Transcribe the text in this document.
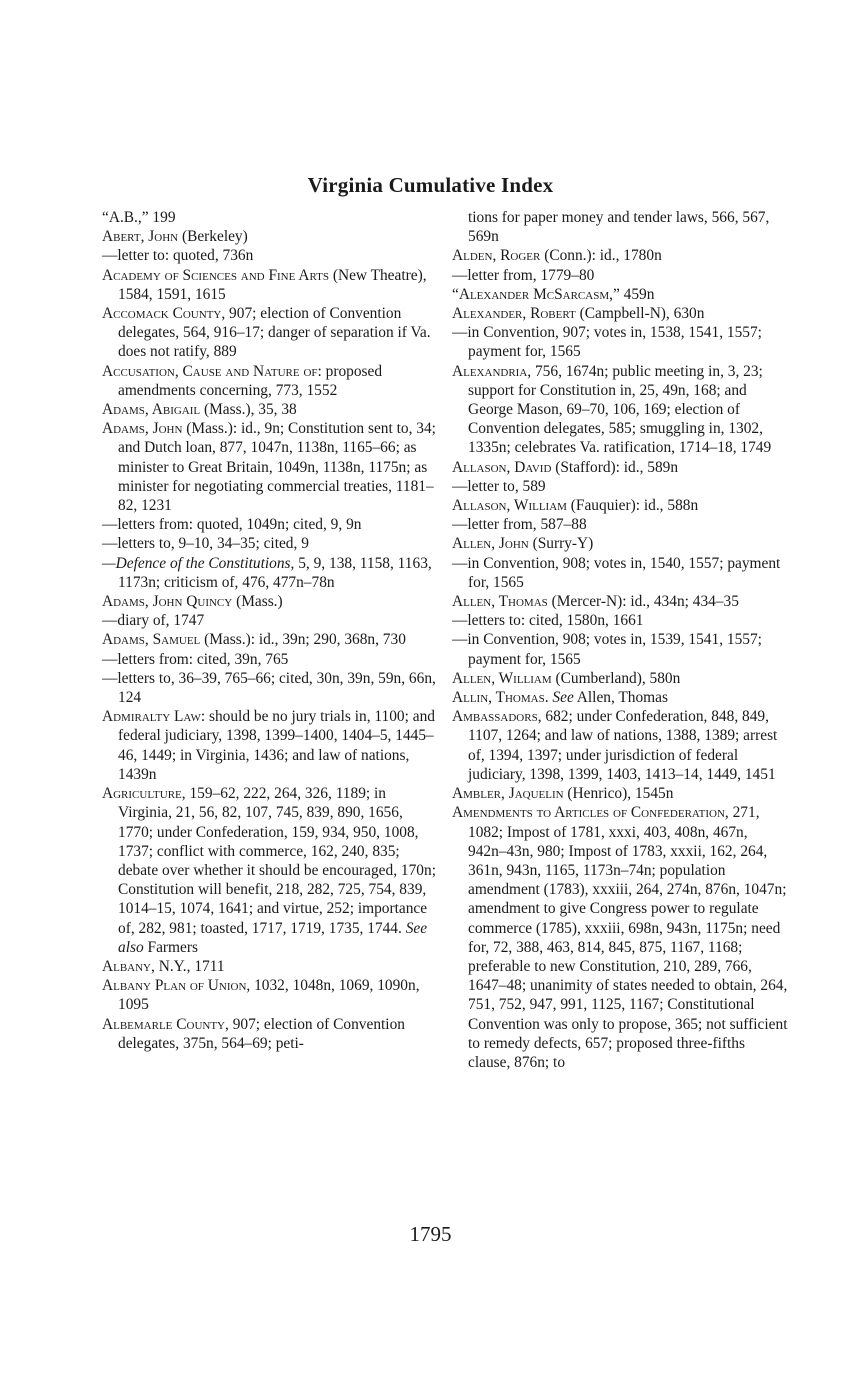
Virginia Cumulative Index

“A.B.,” 199

Abert, John (Berkeley)

—letter to: quoted, 736n

Academy of Sciences and Fine Arts (New Theatre), 1584, 1591, 1615

Accomack County, 907; election of Convention delegates, 564, 916–17; danger of separation if Va. does not ratify, 889

Accusation, Cause and Nature of: proposed amendments concerning, 773, 1552

Adams, Abigail (Mass.), 35, 38

Adams, John (Mass.): id., 9n; Constitution sent to, 34; and Dutch loan, 877, 1047n, 1138n, 1165–66; as minister to Great Britain, 1049n, 1138n, 1175n; as minister for negotiating commercial treaties, 1181–82, 1231

—letters from: quoted, 1049n; cited, 9, 9n

—letters to, 9–10, 34–35; cited, 9

—Defence of the Constitutions, 5, 9, 138, 1158, 1163, 1173n; criticism of, 476, 477n–78n

Adams, John Quincy (Mass.)

—diary of, 1747

Adams, Samuel (Mass.): id., 39n; 290, 368n, 730

—letters from: cited, 39n, 765

—letters to, 36–39, 765–66; cited, 30n, 39n, 59n, 66n, 124

Admiralty Law: should be no jury trials in, 1100; and federal judiciary, 1398, 1399–1400, 1404–5, 1445–46, 1449; in Virginia, 1436; and law of nations, 1439n

Agriculture, 159–62, 222, 264, 326, 1189; in Virginia, 21, 56, 82, 107, 745, 839, 890, 1656, 1770; under Confederation, 159, 934, 950, 1008, 1737; conflict with commerce, 162, 240, 835; debate over whether it should be encouraged, 170n; Constitution will benefit, 218, 282, 725, 754, 839, 1014–15, 1074, 1641; and virtue, 252; importance of, 282, 981; toasted, 1717, 1719, 1735, 1744. See also Farmers

Albany, N.Y., 1711

Albany Plan of Union, 1032, 1048n, 1069, 1090n, 1095

Albemarle County, 907; election of Convention delegates, 375n, 564–69; peti-

tions for paper money and tender laws, 566, 567, 569n

Alden, Roger (Conn.): id., 1780n

—letter from, 1779–80

“Alexander McSarcasm,” 459n

Alexander, Robert (Campbell-N), 630n

—in Convention, 907; votes in, 1538, 1541, 1557; payment for, 1565

Alexandria, 756, 1674n; public meeting in, 3, 23; support for Constitution in, 25, 49n, 168; and George Mason, 69–70, 106, 169; election of Convention delegates, 585; smuggling in, 1302, 1335n; celebrates Va. ratification, 1714–18, 1749

Allason, David (Stafford): id., 589n

—letter to, 589

Allason, William (Fauquier): id., 588n

—letter from, 587–88

Allen, John (Surry-Y)

—in Convention, 908; votes in, 1540, 1557; payment for, 1565

Allen, Thomas (Mercer-N): id., 434n; 434–35

—letters to: cited, 1580n, 1661

—in Convention, 908; votes in, 1539, 1541, 1557; payment for, 1565

Allen, William (Cumberland), 580n

Allin, Thomas. See Allen, Thomas

Ambassadors, 682; under Confederation, 848, 849, 1107, 1264; and law of nations, 1388, 1389; arrest of, 1394, 1397; under jurisdiction of federal judiciary, 1398, 1399, 1403, 1413–14, 1449, 1451

Ambler, Jaquelin (Henrico), 1545n

Amendments to Articles of Confederation, 271, 1082; Impost of 1781, xxxi, 403, 408n, 467n, 942n–43n, 980; Impost of 1783, xxxii, 162, 264, 361n, 943n, 1165, 1173n–74n; population amendment (1783), xxxiii, 264, 274n, 876n, 1047n; amendment to give Congress power to regulate commerce (1785), xxxiii, 698n, 943n, 1175n; need for, 72, 388, 463, 814, 845, 875, 1167, 1168; preferable to new Constitution, 210, 289, 766, 1647–48; unanimity of states needed to obtain, 264, 751, 752, 947, 991, 1125, 1167; Constitutional Convention was only to propose, 365; not sufficient to remedy defects, 657; proposed three-fifths clause, 876n; to

1795
